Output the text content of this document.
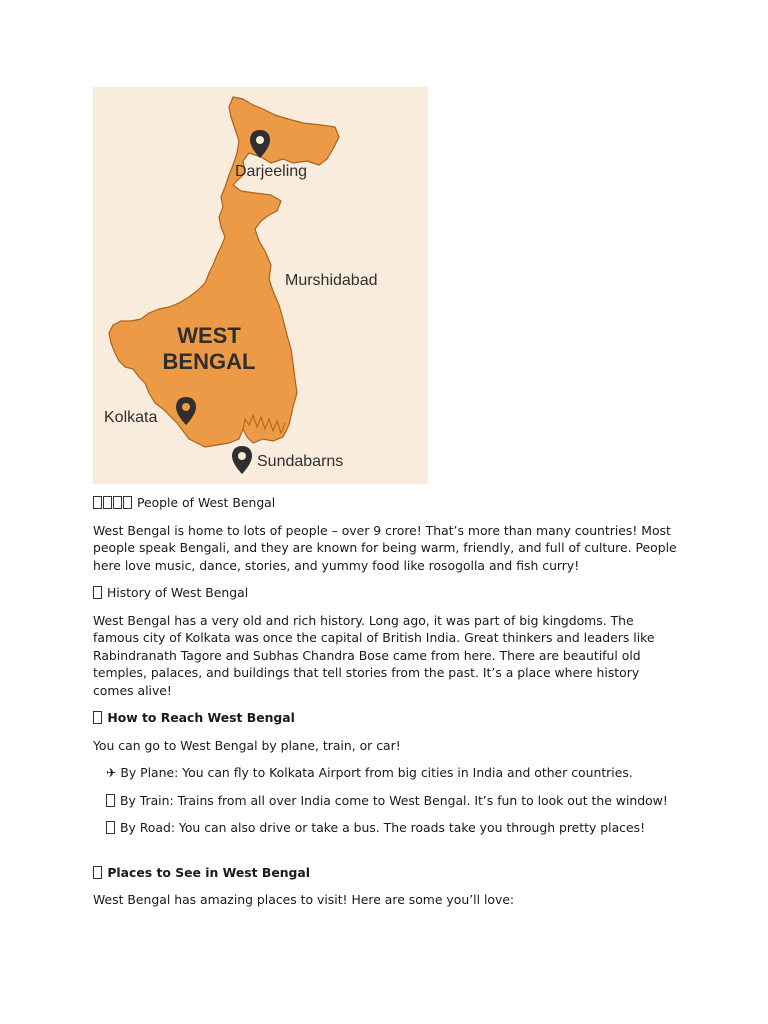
WEST
BENGAL
Darjeeling
Murshidabad
Kolkata
Sundabarns

People of West Bengal

West Bengal is home to lots of people – over 9 crore! That’s more than many countries! Most people speak Bengali, and they are known for being warm, friendly, and full of culture. People here love music, dance, stories, and yummy food like rosogolla and fish curry!

History of West Bengal

West Bengal has a very old and rich history. Long ago, it was part of big kingdoms. The famous city of Kolkata was once the capital of British India. Great thinkers and leaders like Rabindranath Tagore and Subhas Chandra Bose came from here. There are beautiful old temples, palaces, and buildings that tell stories from the past. It’s a place where history comes alive!

How to Reach West Bengal

You can go to West Bengal by plane, train, or car!

✈ By Plane: You can fly to Kolkata Airport from big cities in India and other countries.

By Train: Trains from all over India come to West Bengal. It’s fun to look out the window!

By Road: You can also drive or take a bus. The roads take you through pretty places!

Places to See in West Bengal

West Bengal has amazing places to visit! Here are some you’ll love:
